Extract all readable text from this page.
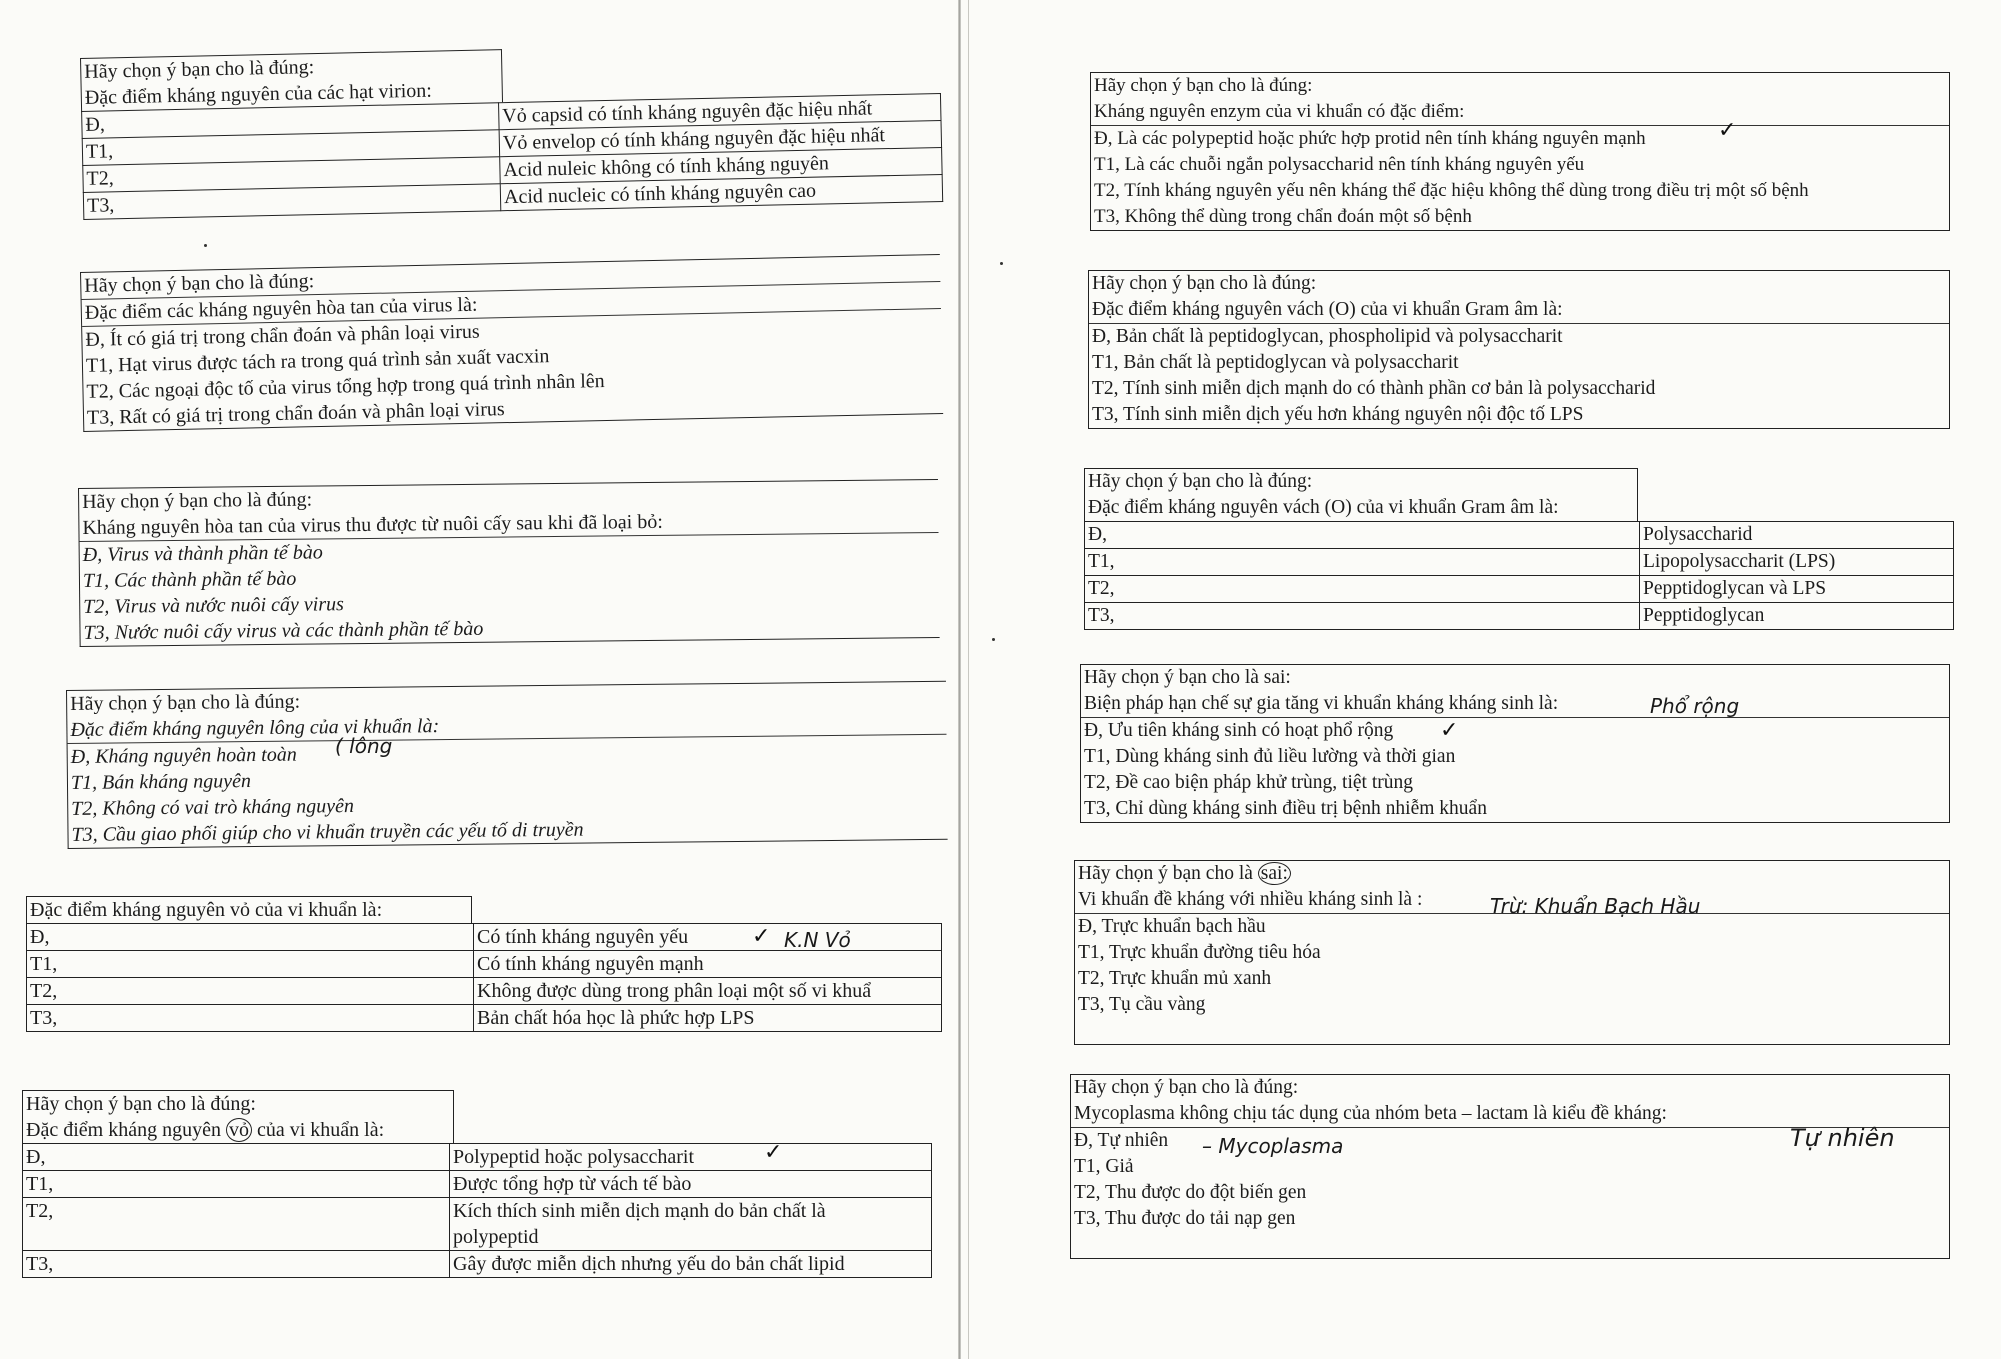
Hãy chọn ý bạn cho là đúng:
Đặc điểm kháng nguyên của các hạt virion:
Đ,	Vỏ capsid có tính kháng nguyên đặc hiệu nhất
T1,	Vỏ envelop có tính kháng nguyên đặc hiệu nhất
T2,	Acid nuleic không có tính kháng nguyên
T3,	Acid nucleic có tính kháng nguyên cao
Hãy chọn ý bạn cho là đúng:
Đặc điểm các kháng nguyên hòa tan của virus là:
Đ, Ít có giá trị trong chẩn đoán và phân loại virus
T1, Hạt virus được tách ra trong quá trình sản xuất vacxin
T2, Các ngoại độc tố của virus tổng hợp trong quá trình nhân lên
T3, Rất có giá trị trong chẩn đoán và phân loại virus
Hãy chọn ý bạn cho là đúng:
Kháng nguyên hòa tan của virus thu được từ nuôi cấy sau khi đã loại bỏ:
Đ, Virus và thành phần tế bào
T1, Các thành phần tế bào
T2, Virus và nước nuôi cấy virus
T3, Nước nuôi cấy virus và các thành phần tế bào
Hãy chọn ý bạn cho là đúng:
Đặc điểm kháng nguyên lông của vi khuẩn là:
Đ, Kháng nguyên hoàn toàn
T1, Bán kháng nguyên
T2, Không có vai trò kháng nguyên
T3, Cầu giao phối giúp cho vi khuẩn truyền các yếu tố di truyền
( lông
Đặc điểm kháng nguyên vỏ của vi khuẩn là:
Đ,	Có tính kháng nguyên yếu
T1,	Có tính kháng nguyên mạnh
T2,	Không được dùng trong phân loại một số vi khuẩ
T3,	Bản chất hóa học là phức hợp LPS
✓ K.N Vỏ
Hãy chọn ý bạn cho là đúng:
Đặc điểm kháng nguyên vỏ của vi khuẩn là:
Đ,	Polypeptid hoặc polysaccharit
T1,	Được tổng hợp từ vách tế bào
T2,	Kích thích sinh miễn dịch mạnh do bản chất là
polypeptid

T3,	Gây được miễn dịch nhưng yếu do bản chất lipid
✓
Hãy chọn ý bạn cho là đúng:
Kháng nguyên enzym của vi khuẩn có đặc điểm:
Đ, Là các polypeptid hoặc phức hợp protid nên tính kháng nguyên mạnh
T1, Là các chuỗi ngắn polysaccharid nên tính kháng nguyên yếu
T2, Tính kháng nguyên yếu nên kháng thể đặc hiệu không thể dùng trong điều trị một số bệnh
T3, Không thể dùng trong chẩn đoán một số bệnh
✓
Hãy chọn ý bạn cho là đúng:
Đặc điểm kháng nguyên vách (O) của vi khuẩn Gram âm là:
Đ, Bản chất là peptidoglycan, phospholipid và polysaccharit
T1, Bản chất là peptidoglycan và polysaccharit
T2, Tính sinh miễn dịch mạnh do có thành phần cơ bản là polysaccharid
T3, Tính sinh miễn dịch yếu hơn kháng nguyên nội độc tố LPS
Hãy chọn ý bạn cho là đúng:
Đặc điểm kháng nguyên vách (O) của vi khuẩn Gram âm là:
Đ,	Polysaccharid
T1,	Lipopolysaccharit (LPS)
T2,	Pepptidoglycan và LPS
T3,	Pepptidoglycan
Hãy chọn ý bạn cho là sai:
Biện pháp hạn chế sự gia tăng vi khuẩn kháng kháng sinh là:
Đ, Ưu tiên kháng sinh có hoạt phổ rộng
T1, Dùng kháng sinh đủ liều lường và thời gian
T2, Đề cao biện pháp khử trùng, tiệt trùng
T3, Chỉ dùng kháng sinh điều trị bệnh nhiễm khuẩn
Phổ rộng
✓
Hãy chọn ý bạn cho là sai:
Vi khuẩn đề kháng với nhiều kháng sinh là :
Đ, Trực khuẩn bạch hầu
T1, Trực khuẩn đường tiêu hóa
T2, Trực khuẩn mủ xanh
T3, Tụ cầu vàng

Trừ: Khuẩn Bạch Hầu
Hãy chọn ý bạn cho là đúng:
Mycoplasma không chịu tác dụng của nhóm beta – lactam là kiểu đề kháng:
Đ, Tự nhiên
T1, Giả
T2, Thu được do đột biến gen
T3, Thu được do tải nạp gen

Tự nhiên
– Mycoplasma
